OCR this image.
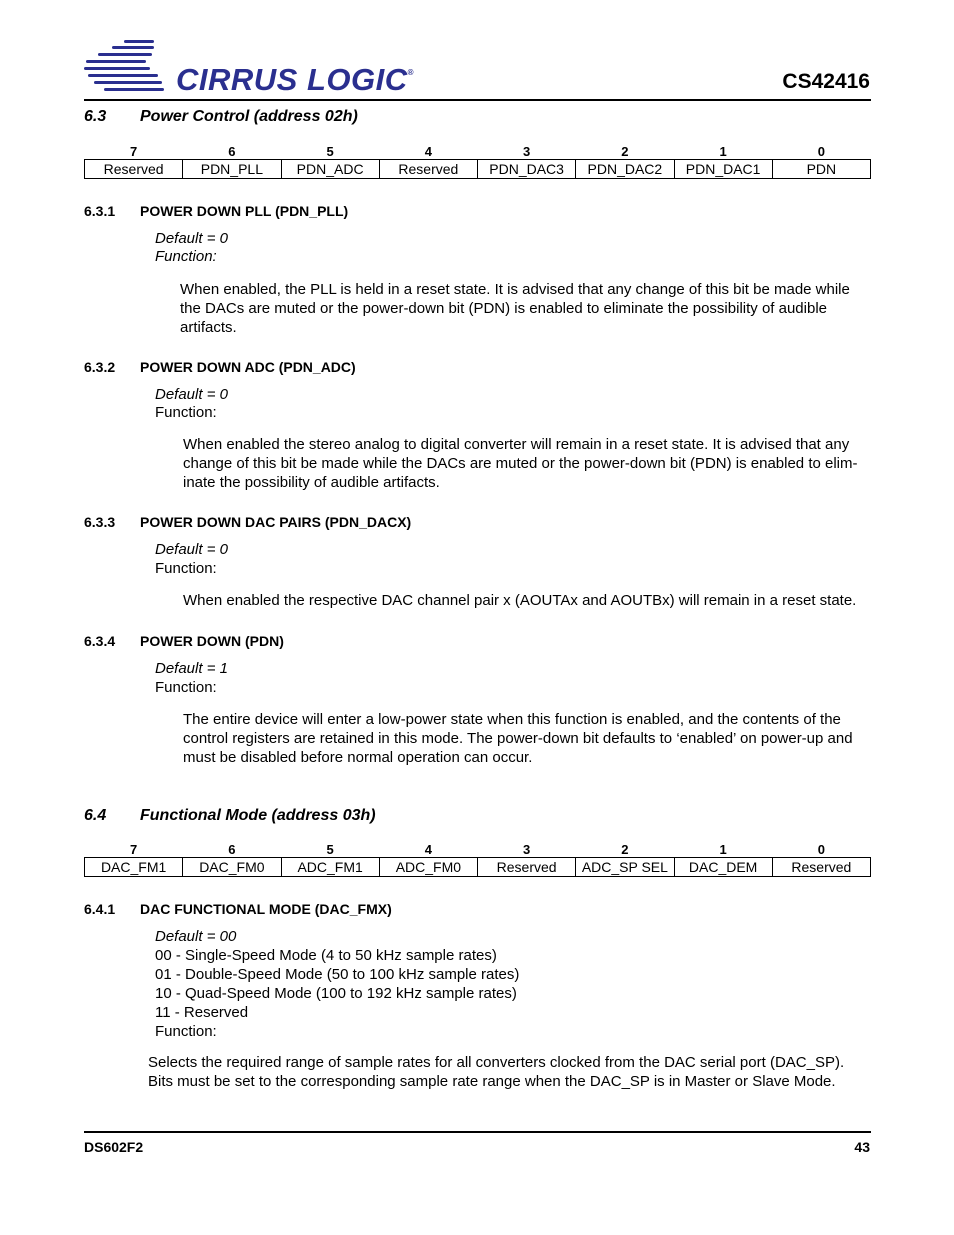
CIRRUS LOGIC®	CS42416
6.3 Power Control (address 02h)
7	6	5	4	3	2	1	0
Reserved	PDN_PLL	PDN_ADC	Reserved	PDN_DAC3	PDN_DAC2	PDN_DAC1	PDN
6.3.1 POWER DOWN PLL (PDN_PLL)
Default = 0
Function:
When enabled, the PLL is held in a reset state. It is advised that any change of this bit be made while
the DACs are muted or the power-down bit (PDN) is enabled to eliminate the possibility of audible
artifacts.
6.3.2 POWER DOWN ADC (PDN_ADC)
Default = 0
Function:
When enabled the stereo analog to digital converter will remain in a reset state. It is advised that any
change of this bit be made while the DACs are muted or the power-down bit (PDN) is enabled to elim-
inate the possibility of audible artifacts.
6.3.3 POWER DOWN DAC PAIRS (PDN_DACX)
Default = 0
Function:
When enabled the respective DAC channel pair x (AOUTAx and AOUTBx) will remain in a reset state.
6.3.4 POWER DOWN (PDN)
Default = 1
Function:
The entire device will enter a low-power state when this function is enabled, and the contents of the
control registers are retained in this mode. The power-down bit defaults to ‘enabled’ on power-up and
must be disabled before normal operation can occur.
6.4 Functional Mode (address 03h)
7	6	5	4	3	2	1	0
DAC_FM1	DAC_FM0	ADC_FM1	ADC_FM0	Reserved	ADC_SP SEL	DAC_DEM	Reserved
6.4.1 DAC FUNCTIONAL MODE (DAC_FMX)
Default = 00
00 - Single-Speed Mode (4 to 50 kHz sample rates)
01 - Double-Speed Mode (50 to 100 kHz sample rates)
10 - Quad-Speed Mode (100 to 192 kHz sample rates)
11 - Reserved
Function:
Selects the required range of sample rates for all converters clocked from the DAC serial port (DAC_SP).
Bits must be set to the corresponding sample rate range when the DAC_SP is in Master or Slave Mode.
DS602F2	43
